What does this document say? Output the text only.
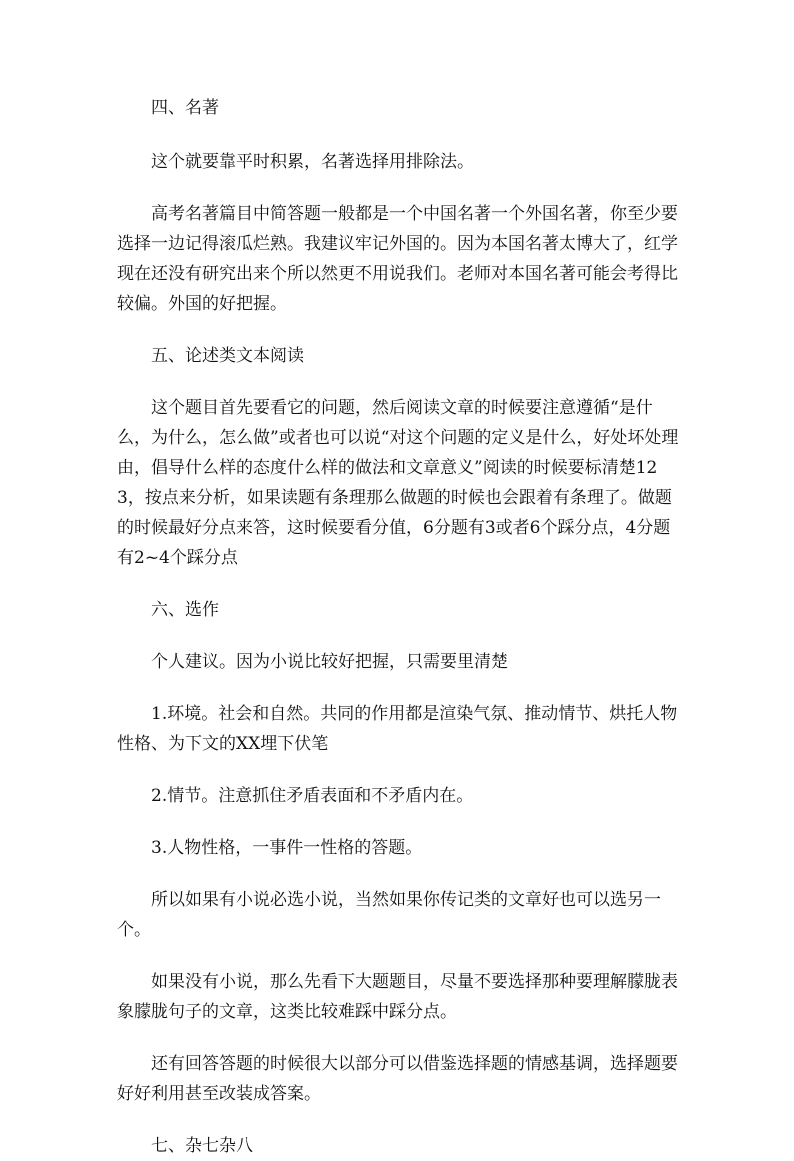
四、名著

这个就要靠平时积累，名著选择用排除法。

高考名著篇目中简答题一般都是一个中国名著一个外国名著，你至少要选择一边记得滚瓜烂熟。我建议牢记外国的。因为本国名著太博大了，红学现在还没有研究出来个所以然更不用说我们。老师对本国名著可能会考得比较偏。外国的好把握。

五、论述类文本阅读

这个题目首先要看它的问题，然后阅读文章的时候要注意遵循“是什么，为什么，怎么做”或者也可以说“对这个问题的定义是什么，好处坏处理由，倡导什么样的态度什么样的做法和文章意义”阅读的时候要标清楚123，按点来分析，如果读题有条理那么做题的时候也会跟着有条理了。做题的时候最好分点来答，这时候要看分值，6分题有3或者6个踩分点，4分题有2~4个踩分点

六、选作

个人建议。因为小说比较好把握，只需要里清楚

1.环境。社会和自然。共同的作用都是渲染气氛、推动情节、烘托人物性格、为下文的XX埋下伏笔

2.情节。注意抓住矛盾表面和不矛盾内在。

3.人物性格，一事件一性格的答题。

所以如果有小说必选小说，当然如果你传记类的文章好也可以选另一个。

如果没有小说，那么先看下大题题目，尽量不要选择那种要理解朦胧表象朦胧句子的文章，这类比较难踩中踩分点。

还有回答答题的时候很大以部分可以借鉴选择题的情感基调，选择题要好好利用甚至改装成答案。

七、杂七杂八
